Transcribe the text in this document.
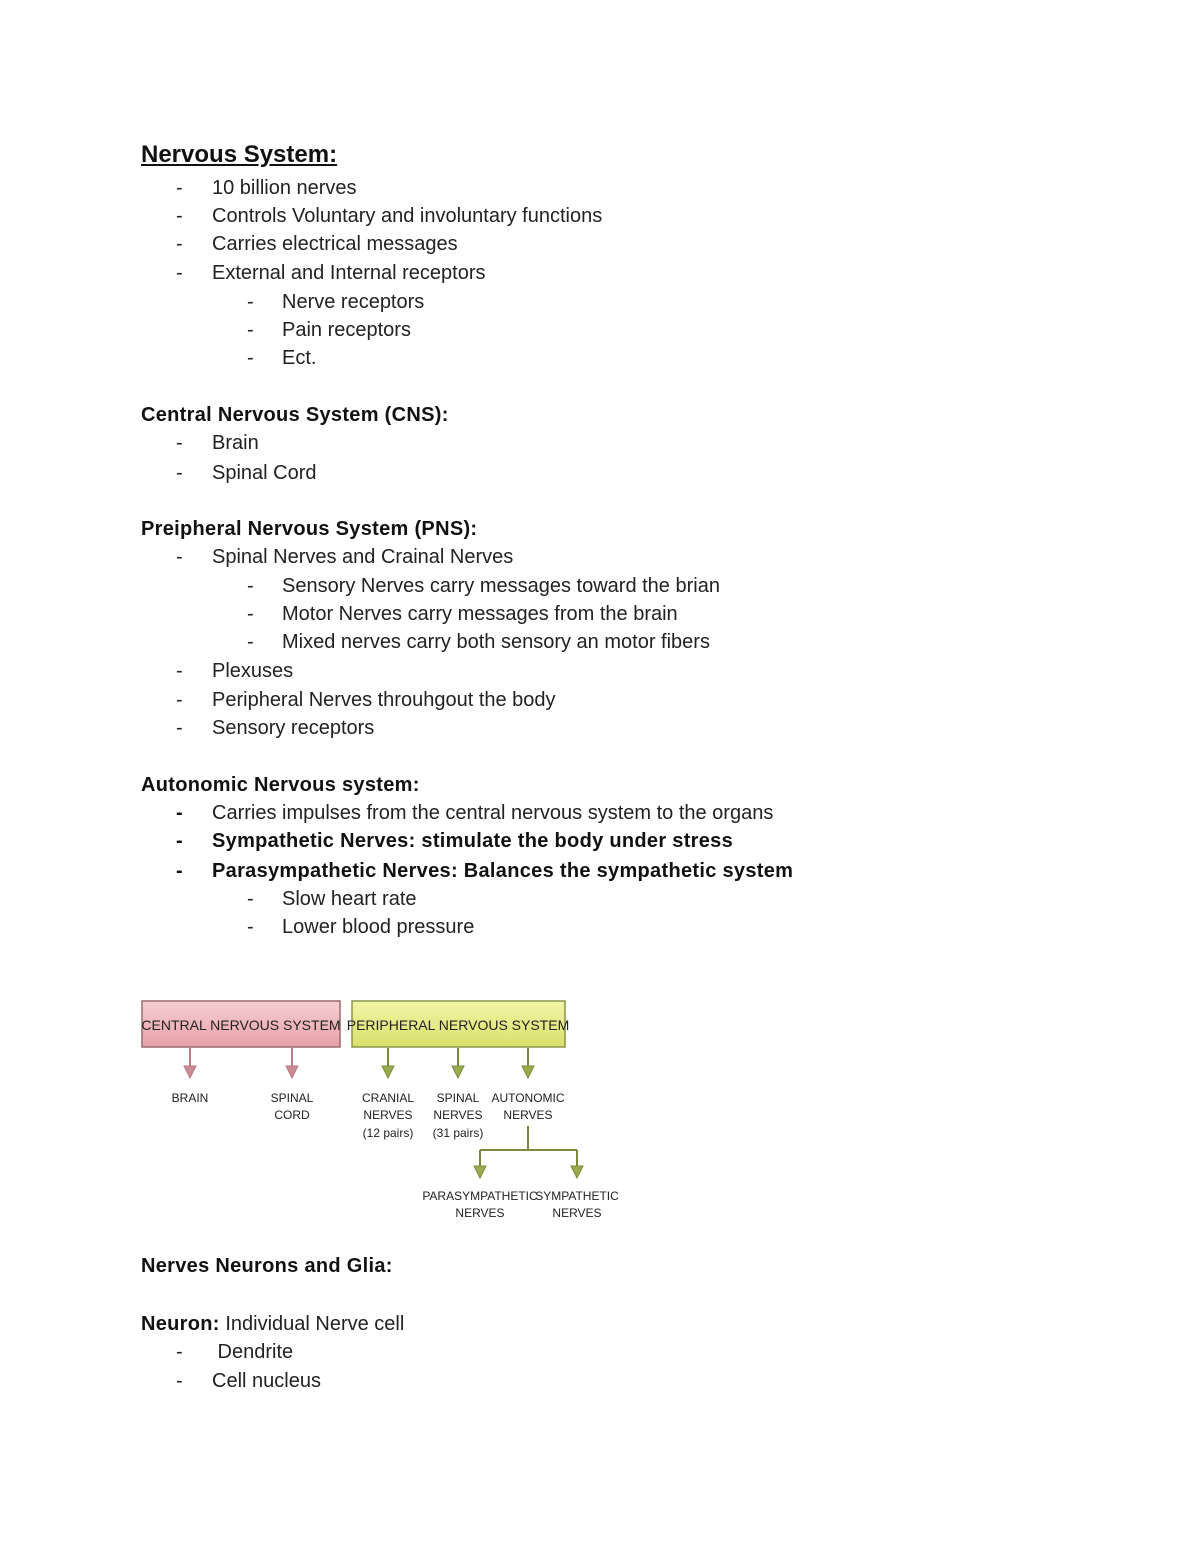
Nervous System:
- 10 billion nerves
- Controls Voluntary and involuntary functions
- Carries electrical messages
- External and Internal receptors
- Nerve receptors
- Pain receptors
- Ect.
Central Nervous System (CNS):
- Brain
- Spinal Cord
Preipheral Nervous System (PNS):
- Spinal Nerves and Crainal Nerves
- Sensory Nerves carry messages toward the brian
- Motor Nerves carry messages from the brain
- Mixed nerves carry both sensory an motor fibers
- Plexuses
- Peripheral Nerves throuhgout the body
- Sensory receptors
Autonomic Nervous system:
- Carries impulses from the central nervous system to the organs
- Sympathetic Nerves: stimulate the body under stress
- Parasympathetic Nerves: Balances the sympathetic system
- Slow heart rate
- Lower blood pressure
CENTRAL NERVOUS SYSTEM PERIPHERAL NERVOUS SYSTEM
BRAIN	SPINAL
CORD
CRANIAL
NERVES
(12 pairs)
SPINAL
NERVES
(31 pairs)
AUTONOMIC
NERVES
PARASYMPATHETIC
NERVES
SYMPATHETIC
NERVES
Nerves Neurons and Glia:
Neuron: Individual Nerve cell
- Dendrite
- Cell nucleus
